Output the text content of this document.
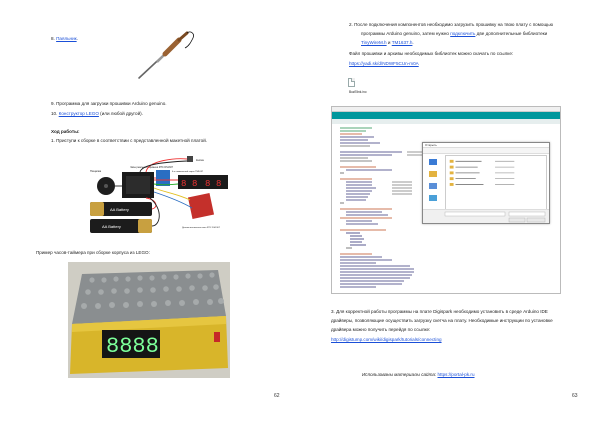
8. Паяльник.
9. Программа для загрузки прошивки Arduino genuino.
10. Конструктор LEGO (или любой другой).
Ход работы:
1. Приступи к сборке в соответствии с представленной макетной платой.
Пищалка
Часы реального времени RTC DS1307
Кнопка
4-х символьный экран TM1637
8 8 8 8
Датчик магнитного поля RTC DS1307
AA Battery
AA Battery
Пример часов-таймера при сборке корпуса из LEGO:
8888
62
2. После подключения компонентов необходимо загрузить прошивку на твою плату с помощью
программы Arduino genuino, затем нужно подключить две дополнительные библиотеки
TinyWireM.h и TM1637.h.
Файл прошивки и архивы необходимых библиотек можно скачать по ссылке:
https://yadi.sk/d/NDWF5CUn-m0A
BuzElink.ino
Открыть
3. Для корректной работы программы на плате Digispark необходимо установить в среде Arduino IDE
драйверы, позволяющие осуществить загрузку скетча на плату. Необходимые инструкции по установке
драйвера можно получить перейдя по ссылке:
http://digistump.com/wiki/digispark/tutorials/connecting
Использованы материалы сайта: https://portal-pk.ru
63
